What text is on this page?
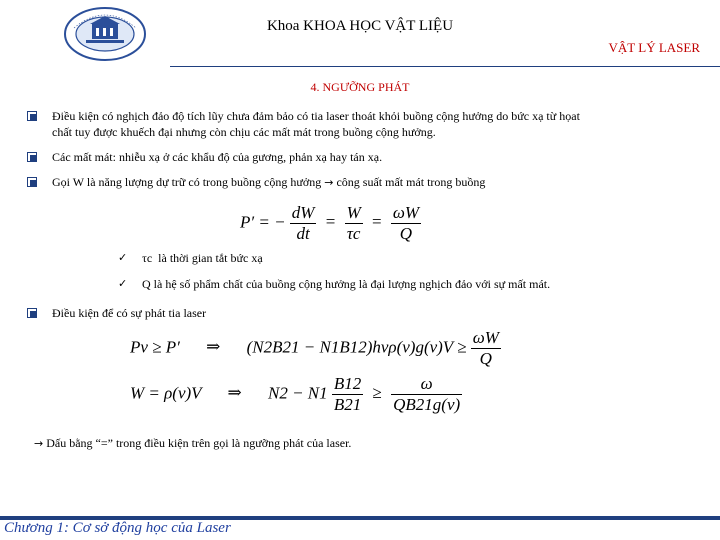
Khoa KHOA HỌC VẬT LIỆU
VẬT LÝ LASER
4. NGƯỠNG PHÁT
Điều kiện có nghịch đảo độ tích lũy chưa đảm bảo có tia laser thoát khỏi buồng cộng hưởng do bức xạ từ họat
chất tuy được khuếch đại nhưng còn chịu các mất mát trong buồng cộng hưởng.
Các mất mát: nhiễu xạ ở các khẩu độ của gương, phản xạ hay tán xạ.
Gọi W là năng lượng dự trữ có trong buồng cộng hưởng → công suất mất mát trong buồng
P′ = − $\frac{dW}{dt} = \frac{W}{\tau c} = \frac{\omega W}{Q}$
✓ τc là thời gian tắt bức xạ
✓ Q là hệ số phẩm chất của buồng cộng hưởng là đại lượng nghịch đảo với sự mất mát.
Điều kiện để có sự phát tia laser
Pν ≥ P′ ⇒ $(N2B21 - N1B12)h\nu\rho(\nu)g(\nu)V \ge \frac{\omega W}{Q}$
W = ρ(ν)V ⇒ $N2 - N1 \frac{B12}{B21} \ge \frac{\omega}{QB21g(\nu)}$
→ Dấu bằng “=” trong điều kiện trên gọi là ngưỡng phát của laser.
Chương 1: Cơ sở động học của Laser
